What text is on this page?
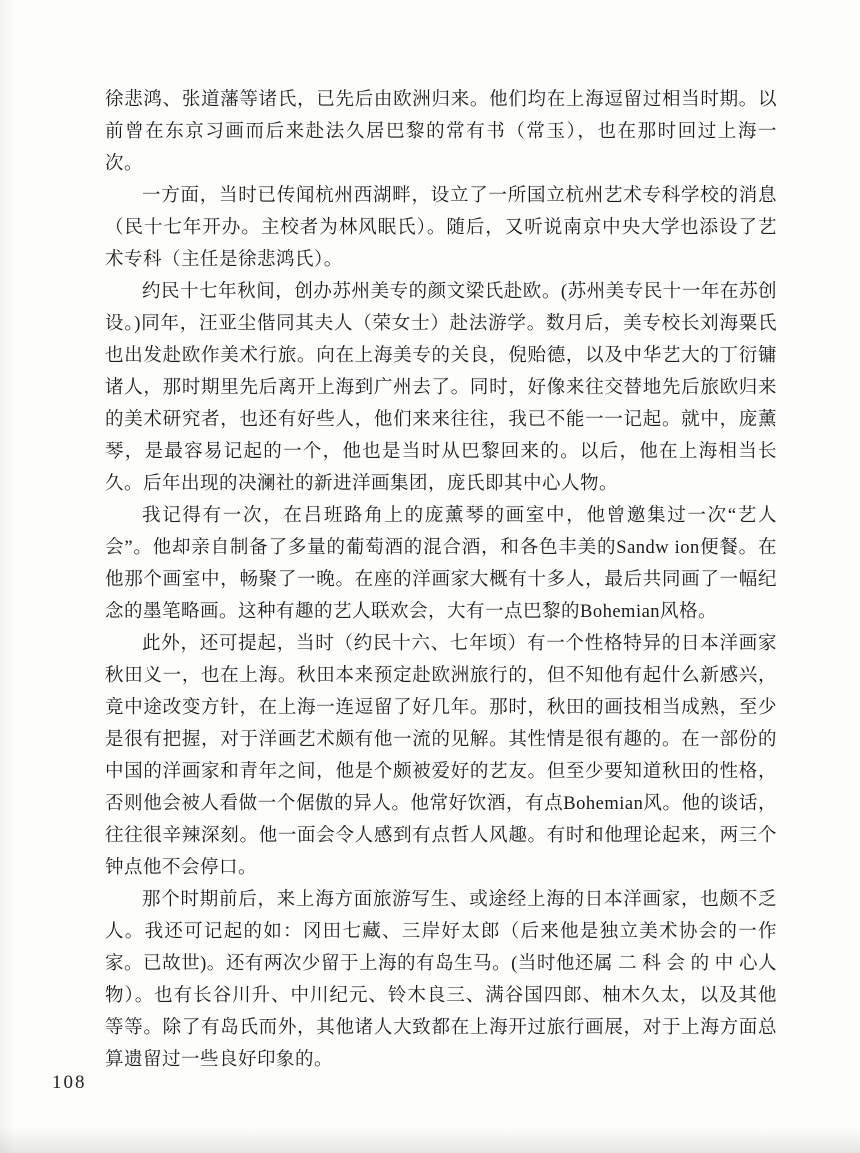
徐悲鸿、张道藩等诸氏，已先后由欧洲归来。他们均在上海逗留过相当时期。以前曾在东京习画而后来赴法久居巴黎的常有书（常玉），也在那时回过上海一次。

一方面，当时已传闻杭州西湖畔，设立了一所国立杭州艺术专科学校的消息（民十七年开办。主校者为林风眠氏）。随后，又听说南京中央大学也添设了艺术专科（主任是徐悲鸿氏）。

约民十七年秋间，创办苏州美专的颜文梁氏赴欧。(苏州美专民十一年在苏创设。)同年，汪亚尘偕同其夫人（荣女士）赴法游学。数月后，美专校长刘海粟氏也出发赴欧作美术行旅。向在上海美专的关良，倪贻德，以及中华艺大的丁衍镛诸人，那时期里先后离开上海到广州去了。同时，好像来往交替地先后旅欧归来的美术研究者，也还有好些人，他们来来往往，我已不能一一记起。就中，庞薰琴，是最容易记起的一个，他也是当时从巴黎回来的。以后，他在上海相当长久。后年出现的决澜社的新进洋画集团，庞氏即其中心人物。

我记得有一次，在吕班路角上的庞薰琴的画室中，他曾邀集过一次“艺人会”。他却亲自制备了多量的葡萄酒的混合酒，和各色丰美的Sandw ion便餐。在他那个画室中，畅聚了一晚。在座的洋画家大概有十多人，最后共同画了一幅纪念的墨笔略画。这种有趣的艺人联欢会，大有一点巴黎的Bohemian风格。

此外，还可提起，当时（约民十六、七年顷）有一个性格特异的日本洋画家秋田义一，也在上海。秋田本来预定赴欧洲旅行的，但不知他有起什么新感兴，竟中途改变方针，在上海一连逗留了好几年。那时，秋田的画技相当成熟，至少是很有把握，对于洋画艺术颇有他一流的见解。其性情是很有趣的。在一部份的中国的洋画家和青年之间，他是个颇被爱好的艺友。但至少要知道秋田的性格，否则他会被人看做一个倨傲的异人。他常好饮酒，有点Bohemian风。他的谈话，往往很辛辣深刻。他一面会令人感到有点哲人风趣。有时和他理论起来，两三个钟点他不会停口。

那个时期前后，来上海方面旅游写生、或途经上海的日本洋画家，也颇不乏人。我还可记起的如：冈田七藏、三岸好太郎（后来他是独立美术协会的一作家。已故世)。还有两次少留于上海的有岛生马。(当时他还属 二 科 会 的 中 心人物）。也有长谷川升、中川纪元、铃木良三、满谷国四郎、柚木久太，以及其他等等。除了有岛氏而外，其他诸人大致都在上海开过旅行画展，对于上海方面总算遗留过一些良好印象的。

108
